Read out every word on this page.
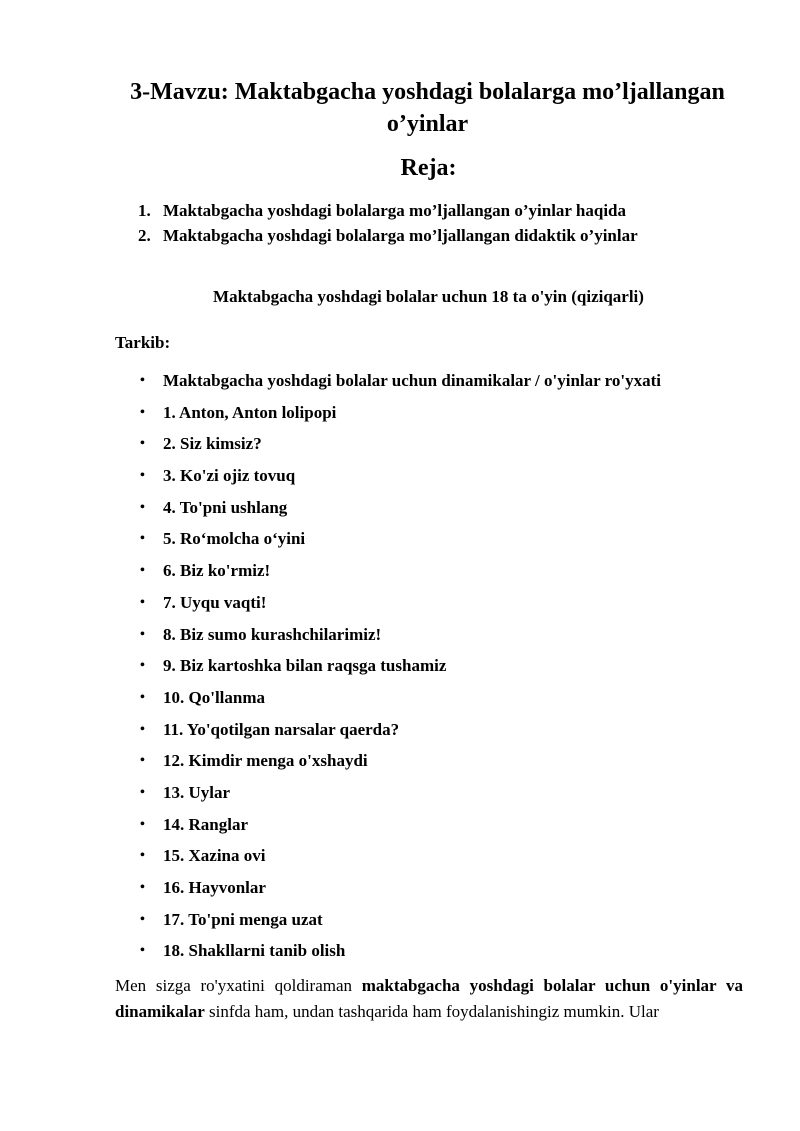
3-Mavzu: Maktabgacha yoshdagi bolalarga mo’ljallangan o’yinlar
Reja:
1. Maktabgacha yoshdagi bolalarga mo’ljallangan o’yinlar haqida
2. Maktabgacha yoshdagi bolalarga mo’ljallangan didaktik o’yinlar
Maktabgacha yoshdagi bolalar uchun 18 ta o'yin (qiziqarli)
Tarkib:
•	Maktabgacha yoshdagi bolalar uchun dinamikalar / o'yinlar ro'yxati
•	1. Anton, Anton lolipopi
•	2. Siz kimsiz?
•	3. Ko'zi ojiz tovuq
•	4. To'pni ushlang
•	5. Ro‘molcha o‘yini
•	6. Biz ko'rmiz!
•	7. Uyqu vaqti!
•	8. Biz sumo kurashchilarimiz!
•	9. Biz kartoshka bilan raqsga tushamiz
•	10. Qo'llanma
•	11. Yo'qotilgan narsalar qaerda?
•	12. Kimdir menga o'xshaydi
•	13. Uylar
•	14. Ranglar
•	15. Xazina ovi
•	16. Hayvonlar
•	17. To'pni menga uzat
•	18. Shakllarni tanib olish

Men sizga ro'yxatini qoldiraman maktabgacha yoshdagi bolalar uchun o'yinlar va dinamikalar sinfda ham, undan tashqarida ham foydalanishingiz mumkin. Ular
